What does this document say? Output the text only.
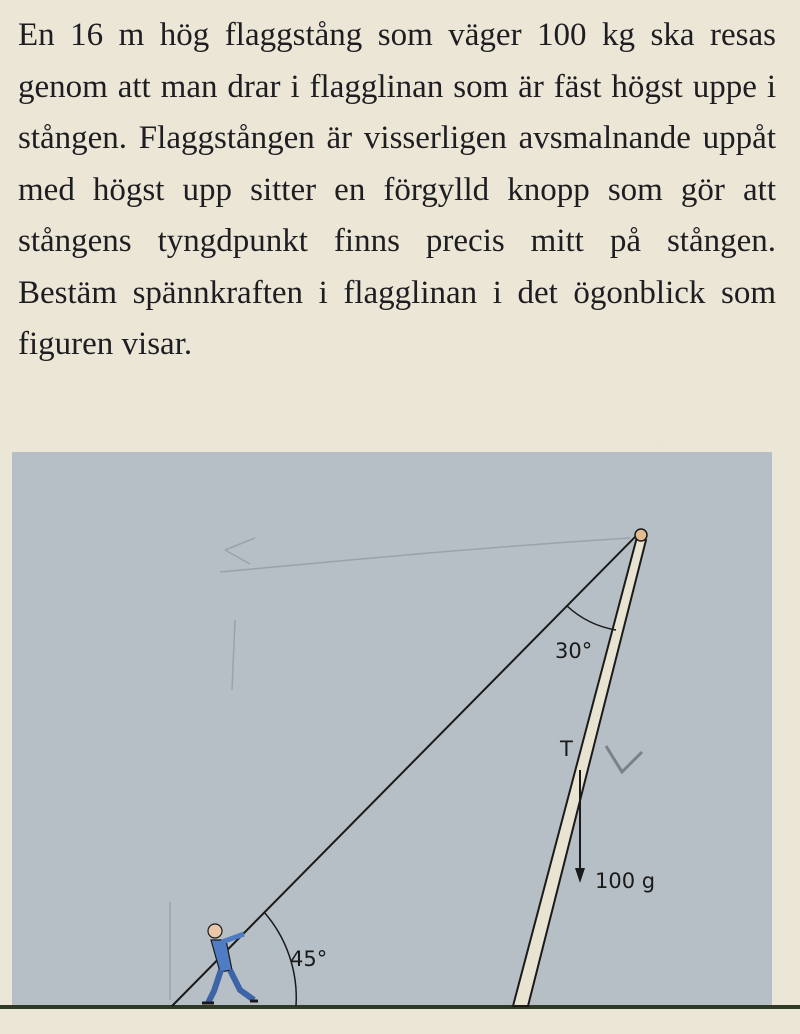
En 16 m hög flaggstång som väger 100 kg ska resas genom att man drar i flagglinan som är fäst högst uppe i stången. Flaggstången är visserligen avsmalnande uppåt med högst upp sitter en förgylld knopp som gör att stångens tyngdpunkt finns precis mitt på stången. Bestäm spännkraften i flagglinan i det ögonblick som figuren visar.

30°
T
100 g
45°
